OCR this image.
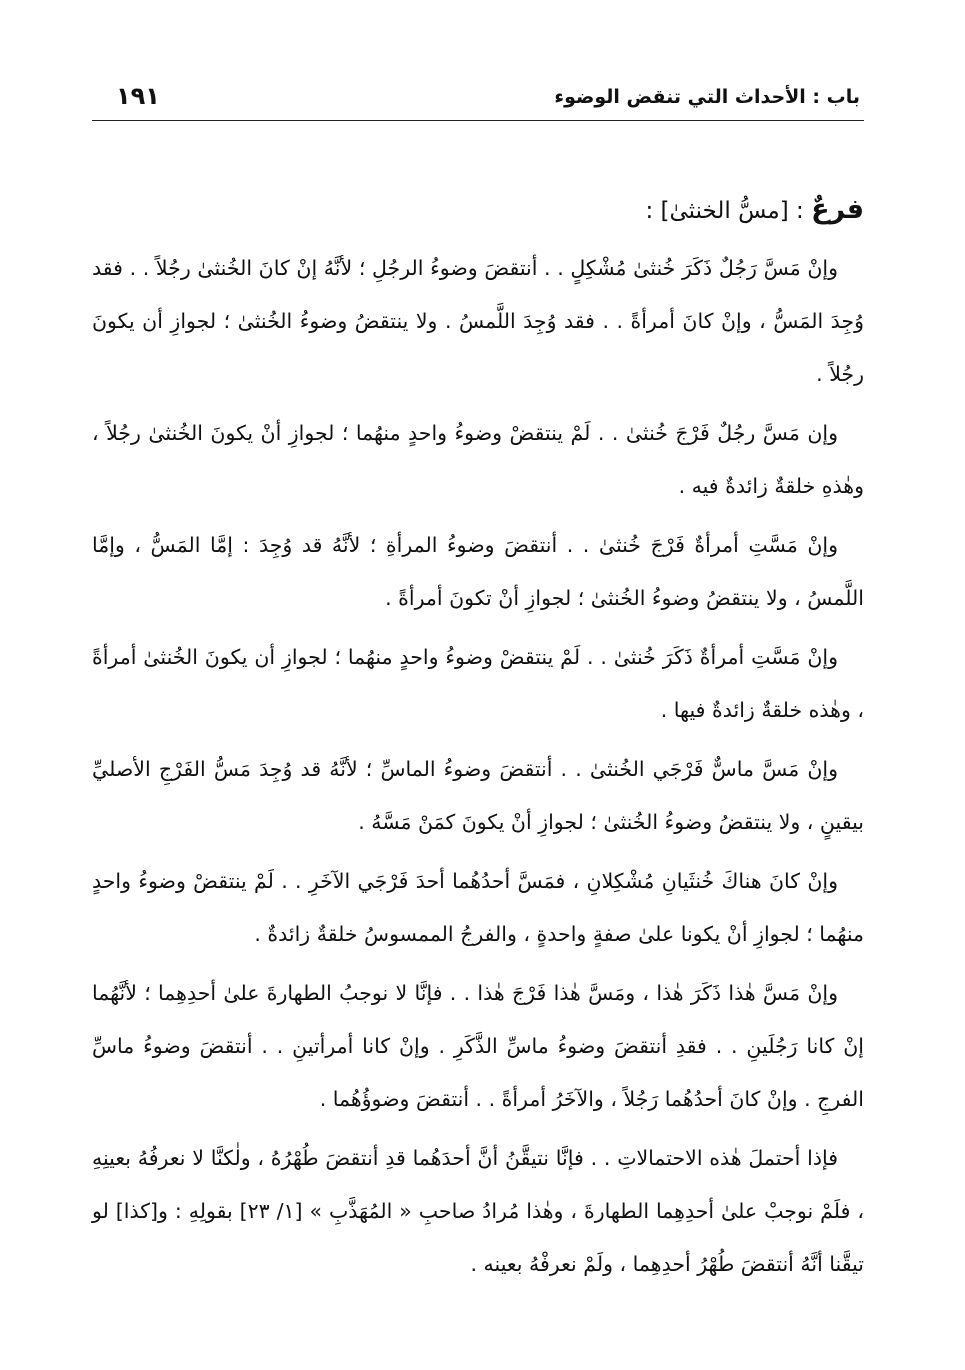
باب : الأحداث التي تنقض الوضوء
١٩١
فرعٌ : [مسُّ الخنثىٰ] :

وإنْ مَسَّ رَجُلٌ ذَكَرَ خُنثىٰ مُشْكِلٍ . . أنتقضَ وضوءُ الرجُلِ ؛ لأنَّهُ إنْ كانَ الخُنثىٰ رجُلاً . . فقد وُجِدَ المَسُّ ، وإنْ كانَ أمرأةً . . فقد وُجِدَ اللَّمسُ . ولا ينتقضُ وضوءُ الخُنثىٰ ؛ لجوازِ أن يكونَ رجُلاً .

وإن مَسَّ رجُلٌ فَرْجَ خُنثىٰ . . لَمْ ينتقضْ وضوءُ واحدٍ منهُما ؛ لجوازِ أنْ يكونَ الخُنثىٰ رجُلاً ، وهٰذهِ خلقةٌ زائدةٌ فيه .

وإنْ مَسَّتِ أمرأةٌ فَرْجَ خُنثىٰ . . أنتقضَ وضوءُ المرأةِ ؛ لأنَّهُ قد وُجِدَ : إمَّا المَسُّ ، وإمَّا اللَّمسُ ، ولا ينتقضُ وضوءُ الخُنثىٰ ؛ لجوازِ أنْ تكونَ أمرأةً .

وإنْ مَسَّتِ أمرأةٌ ذَكَرَ خُنثىٰ . . لَمْ ينتقضْ وضوءُ واحدٍ منهُما ؛ لجوازِ أن يكونَ الخُنثىٰ أمرأةً ، وهٰذه خلقةٌ زائدةٌ فيها .

وإنْ مَسَّ ماسٌّ فَرْجَي الخُنثىٰ . . أنتقضَ وضوءُ الماسِّ ؛ لأنَّهُ قد وُجِدَ مَسُّ الفَرْجِ الأصليِّ بيقينٍ ، ولا ينتقضُ وضوءُ الخُنثىٰ ؛ لجوازِ أنْ يكونَ كمَنْ مَسَّهُ .

وإنْ كانَ هناكَ خُنثَيانِ مُشْكِلانِ ، فمَسَّ أحدُهُما أحدَ فَرْجَي الآخَرِ . . لَمْ ينتقضْ وضوءُ واحدٍ منهُما ؛ لجوازِ أنْ يكونا علىٰ صفةٍ واحدةٍ ، والفرجُ الممسوسُ خلقةٌ زائدةٌ .

وإنْ مَسَّ هٰذا ذَكَرَ هٰذا ، ومَسَّ هٰذا فَرْجَ هٰذا . . فإنَّا لا نوجبُ الطهارةَ علىٰ أحدِهِما ؛ لأنَّهُما إنْ كانا رَجُلَينِ . . فقدِ أنتقضَ وضوءُ ماسِّ الذَّكَرِ . وإنْ كانا أمرأتينِ . . أنتقضَ وضوءُ ماسِّ الفرجِ . وإنْ كانَ أحدُهُما رَجُلاً ، والآخَرُ أمرأةً . . أنتقضَ وضوؤُهُما .

فإذا أحتملَ هٰذه الاحتمالاتِ . . فإنَّا نتيقَّنُ أنَّ أحدَهُما قدِ أنتقضَ طُهْرُهُ ، ولٰكنَّا لا نعرفُهُ بعينِهِ ، فلَمْ نوجبْ علىٰ أحدِهِما الطهارةَ ، وهٰذا مُرادُ صاحبِ « المُهَذَّبِ » [١/ ٢٣] بقولِهِ : و[كذا] لو تيقَّنا أنَّهُ أنتقضَ طُهْرُ أحدِهِما ، ولَمْ نعرفْهُ بعينه .
